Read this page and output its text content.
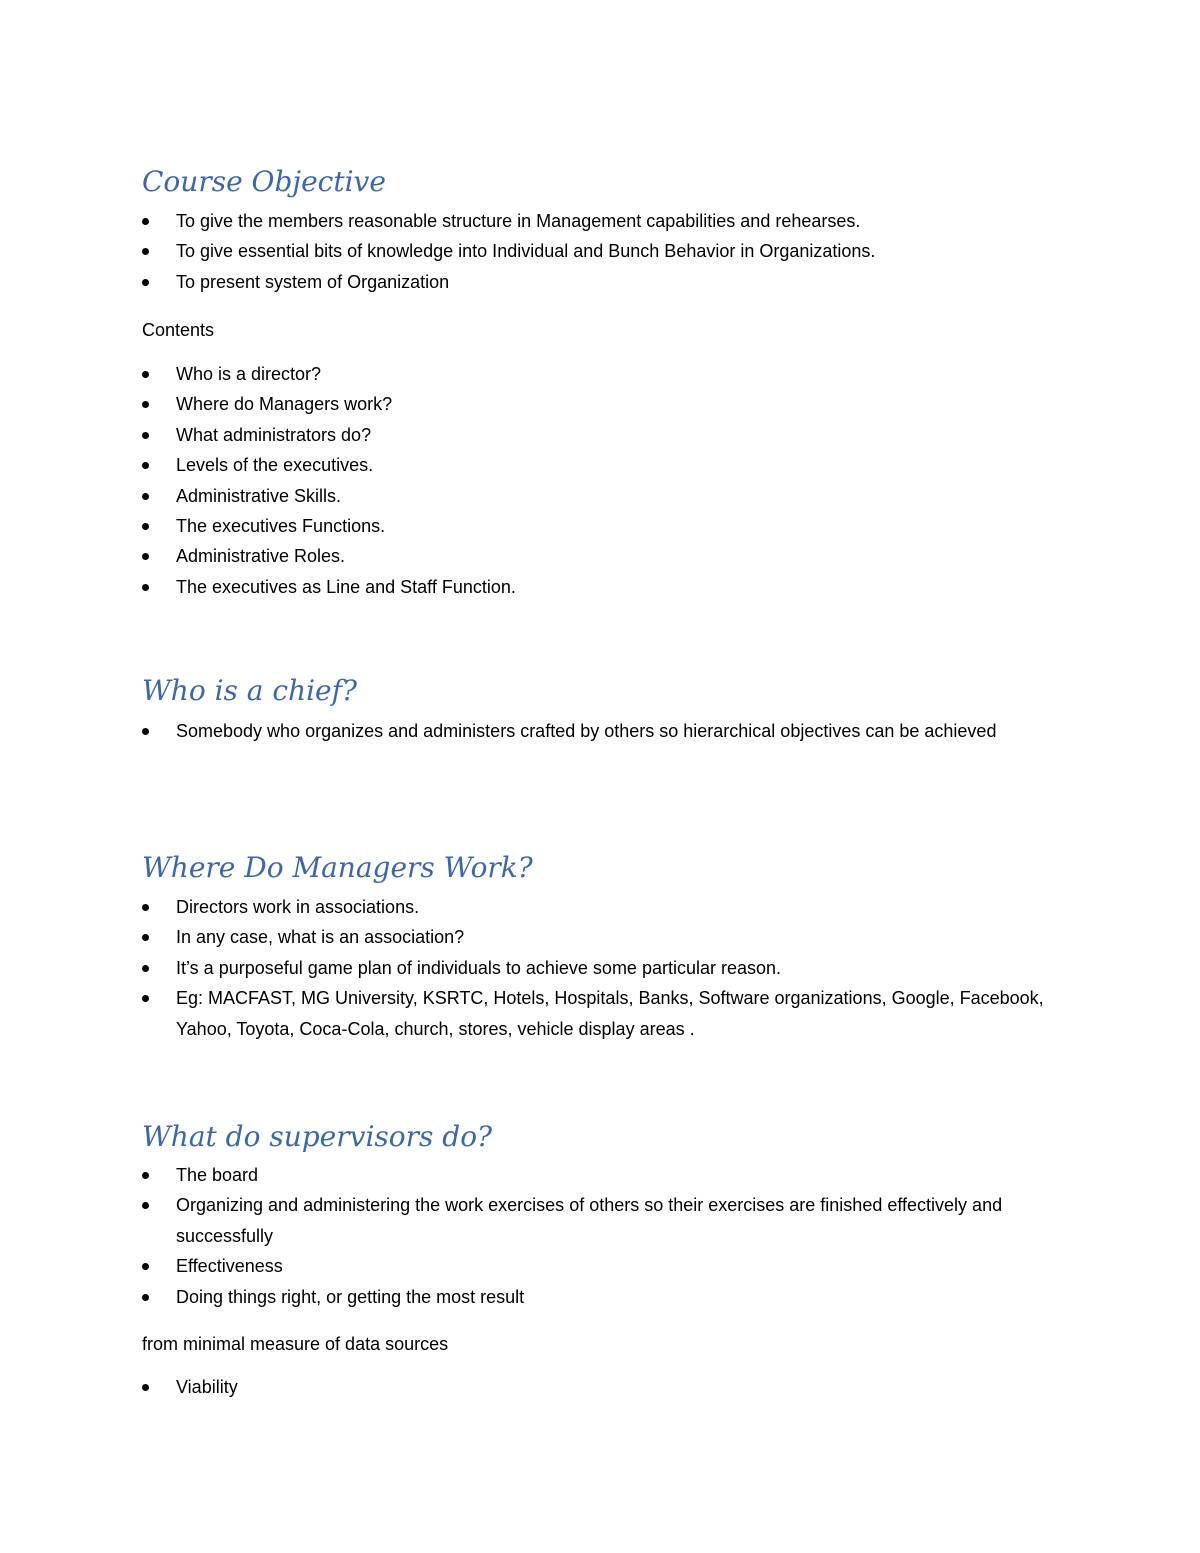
Course Objective
To give the members reasonable structure in Management capabilities and rehearses.
To give essential bits of knowledge into Individual and Bunch Behavior in Organizations.
To present system of Organization

Contents

Who is a director?
Where do Managers work?
What administrators do?
Levels of the executives.
Administrative Skills.
The executives Functions.
Administrative Roles.
The executives as Line and Staff Function.
Who is a chief?
Somebody who organizes and administers crafted by others so hierarchical objectives can be achieved
Where Do Managers Work?
Directors work in associations.
In any case, what is an association?
It’s a purposeful game plan of individuals to achieve some particular reason.
Eg: MACFAST, MG University, KSRTC, Hotels, Hospitals, Banks, Software organizations, Google, Facebook, Yahoo, Toyota, Coca-Cola, church, stores, vehicle display areas .
What do supervisors do?
The board
Organizing and administering the work exercises of others so their exercises are finished effectively and successfully
Effectiveness
Doing things right, or getting the most result

from minimal measure of data sources

Viability
